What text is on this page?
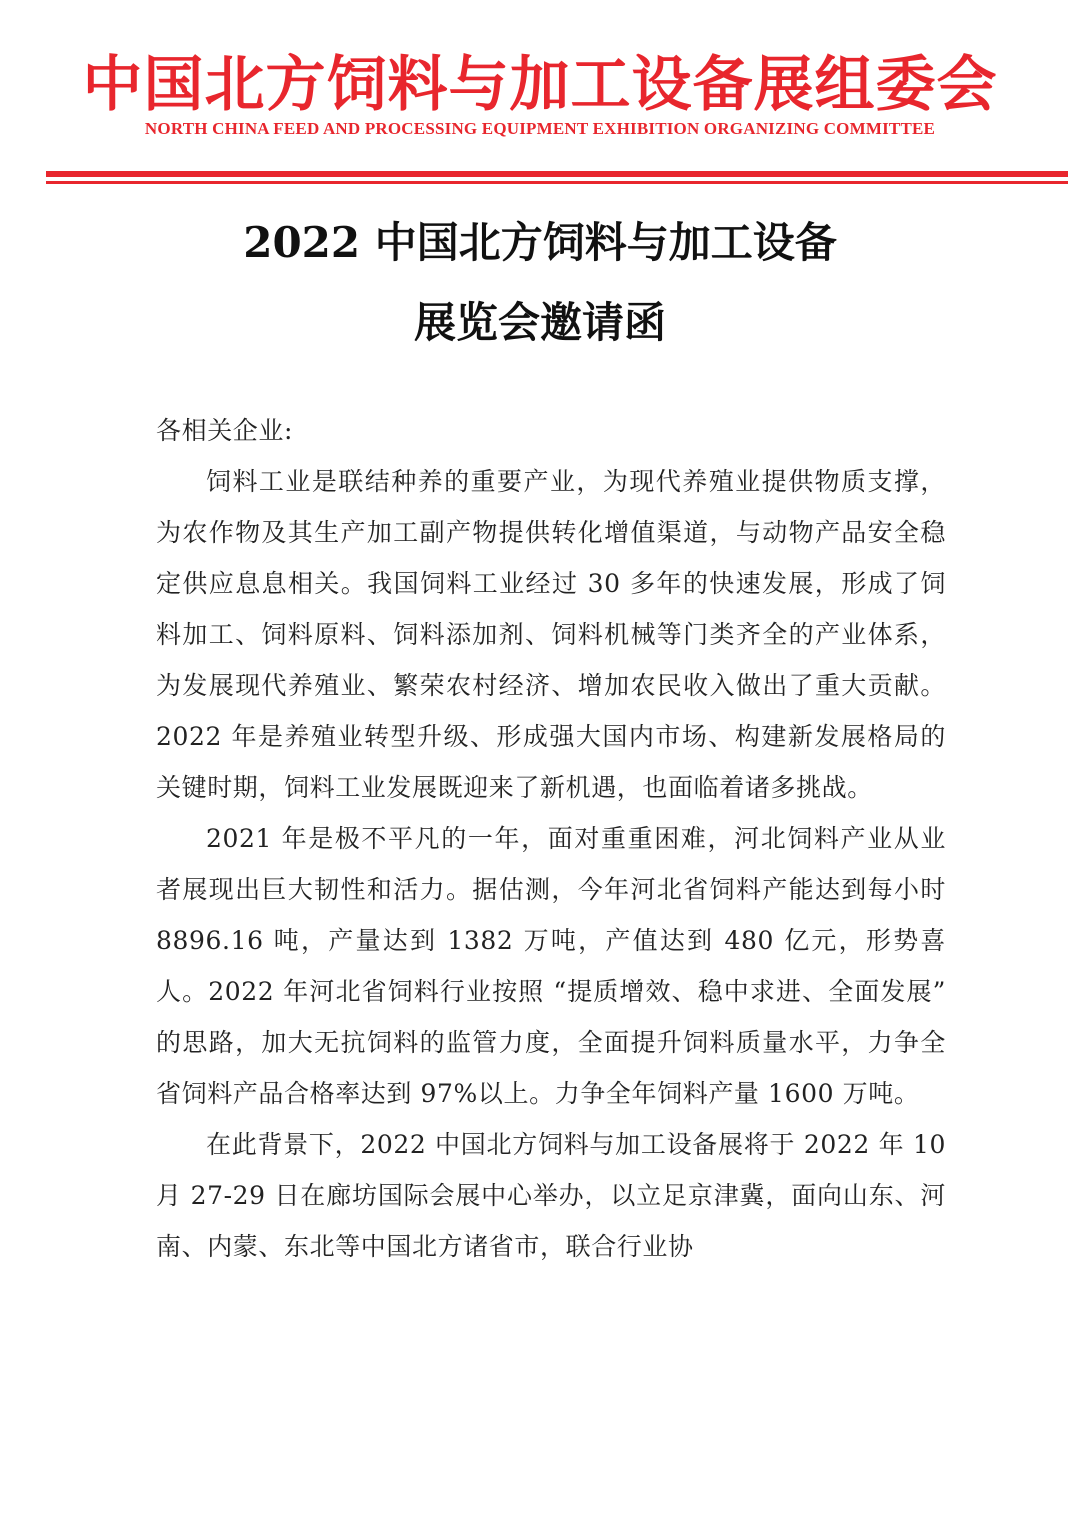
中国北方饲料与加工设备展组委会
NORTH CHINA FEED AND PROCESSING EQUIPMENT EXHIBITION ORGANIZING COMMITTEE
2022 中国北方饲料与加工设备
展览会邀请函

各相关企业:

饲料工业是联结种养的重要产业，为现代养殖业提供物质支撑，为农作物及其生产加工副产物提供转化增值渠道，与动物产品安全稳定供应息息相关。我国饲料工业经过 30 多年的快速发展，形成了饲料加工、饲料原料、饲料添加剂、饲料机械等门类齐全的产业体系，为发展现代养殖业、繁荣农村经济、增加农民收入做出了重大贡献。2022 年是养殖业转型升级、形成强大国内市场、构建新发展格局的关键时期，饲料工业发展既迎来了新机遇，也面临着诸多挑战。

2021 年是极不平凡的一年，面对重重困难，河北饲料产业从业者展现出巨大韧性和活力。据估测，今年河北省饲料产能达到每小时 8896.16 吨，产量达到 1382 万吨，产值达到 480 亿元，形势喜人。2022 年河北省饲料行业按照 “提质增效、稳中求进、全面发展” 的思路，加大无抗饲料的监管力度，全面提升饲料质量水平，力争全省饲料产品合格率达到 97%以上。力争全年饲料产量 1600 万吨。

在此背景下，2022 中国北方饲料与加工设备展将于 2022 年 10 月 27-29 日在廊坊国际会展中心举办，以立足京津冀，面向山东、河南、内蒙、东北等中国北方诸省市，联合行业协
